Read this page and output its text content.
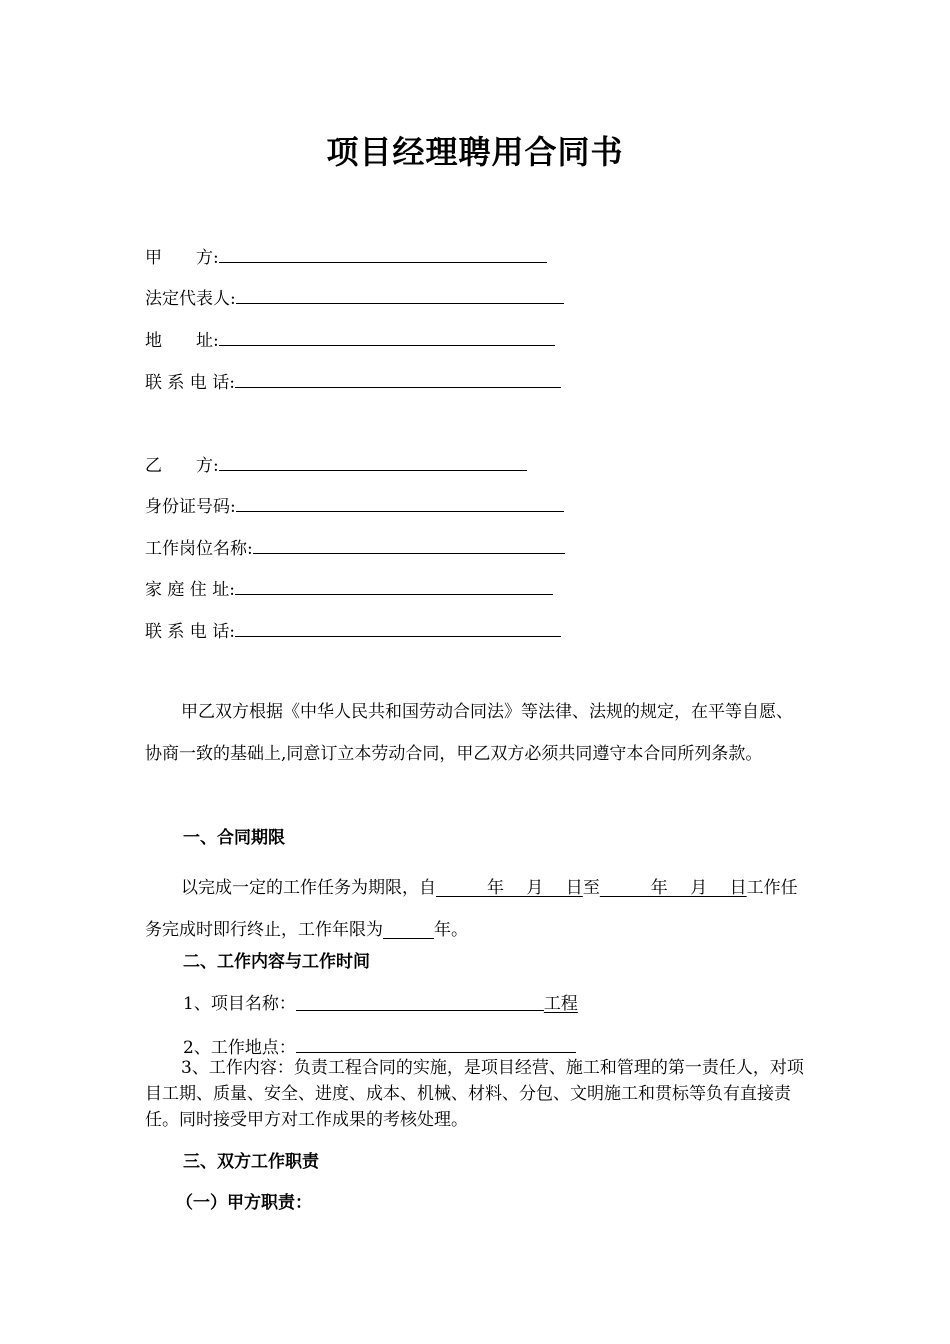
项目经理聘用合同书
甲　　方:
法定代表人:
地　　址:
联 系 电 话:
乙　　方:
身份证号码:
工作岗位名称:
家 庭 住 址:
联 系 电 话:
甲乙双方根据《中华人民共和国劳动合同法》等法律、法规的规定，在平等自愿、协商一致的基础上,同意订立本劳动合同，甲乙双方必须共同遵守本合同所列条款。
一、合同期限
以完成一定的工作任务为期限，自　　　年　 月　 日至　　　年　 月　 日工作任务完成时即行终止，工作年限为　　　	年。
二、工作内容与工作时间
1、项目名称：	工程
2、工作地点：
3、工作内容：负责工程合同的实施，是项目经营、施工和管理的第一责任人，对项目工期、质量、安全、进度、成本、机械、材料、分包、文明施工和贯标等负有直接责任。同时接受甲方对工作成果的考核处理。
三、双方工作职责
（一）甲方职责：
